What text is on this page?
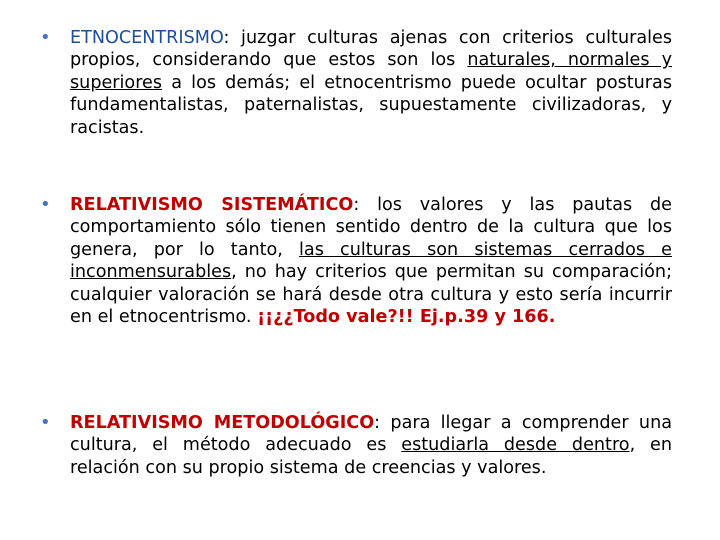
• ETNOCENTRISMO: juzgar culturas ajenas con criterios culturales propios, considerando que estos son los naturales, normales y superiores a los demás; el etnocentrismo puede ocultar posturas fundamentalistas, paternalistas, supuestamente civilizadoras, y racistas.
• RELATIVISMO SISTEMÁTICO: los valores y las pautas de comportamiento sólo tienen sentido dentro de la cultura que los genera, por lo tanto, las culturas son sistemas cerrados e inconmensurables, no hay criterios que permitan su comparación; cualquier valoración se hará desde otra cultura y esto sería incurrir en el etnocentrismo. ¡¡¿¿Todo vale?!! Ej.p.39 y 166.
• RELATIVISMO METODOLÓGICO: para llegar a comprender una cultura, el método adecuado es estudiarla desde dentro, en relación con su propio sistema de creencias y valores.
